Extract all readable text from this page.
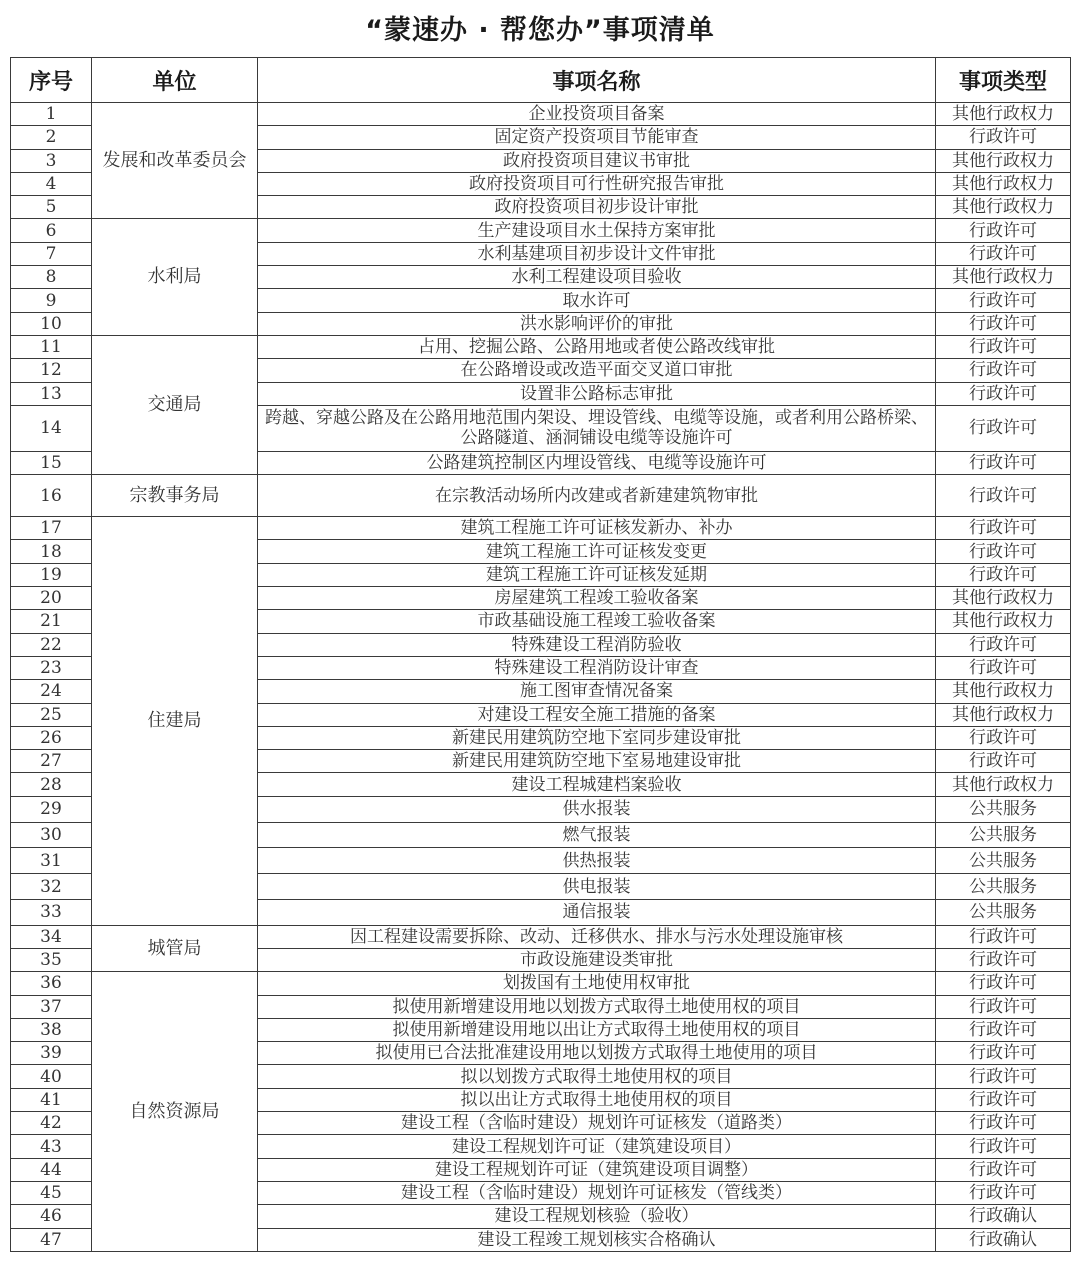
“蒙速办 · 帮您办”事项清单
序号	单位	事项名称	事项类型
1	发展和改革委员会	企业投资项目备案	其他行政权力
2		固定资产投资项目节能审查	行政许可
3		政府投资项目建议书审批	其他行政权力
4		政府投资项目可行性研究报告审批	其他行政权力
5		政府投资项目初步设计审批	其他行政权力
6	水利局	生产建设项目水土保持方案审批	行政许可
7		水利基建项目初步设计文件审批	行政许可
8		水利工程建设项目验收	其他行政权力
9		取水许可	行政许可
10		洪水影响评价的审批	行政许可
11	交通局	占用、挖掘公路、公路用地或者使公路改线审批	行政许可
12		在公路增设或改造平面交叉道口审批	行政许可
13		设置非公路标志审批	行政许可
14		跨越、穿越公路及在公路用地范围内架设、埋设管线、电缆等设施，或者利用公路桥梁、公路隧道、涵洞铺设电缆等设施许可	行政许可
15		公路建筑控制区内埋设管线、电缆等设施许可	行政许可
16	宗教事务局	在宗教活动场所内改建或者新建建筑物审批	行政许可
17	住建局	建筑工程施工许可证核发新办、补办	行政许可
18		建筑工程施工许可证核发变更	行政许可
19		建筑工程施工许可证核发延期	行政许可
20		房屋建筑工程竣工验收备案	其他行政权力
21		市政基础设施工程竣工验收备案	其他行政权力
22		特殊建设工程消防验收	行政许可
23		特殊建设工程消防设计审查	行政许可
24		施工图审查情况备案	其他行政权力
25		对建设工程安全施工措施的备案	其他行政权力
26		新建民用建筑防空地下室同步建设审批	行政许可
27		新建民用建筑防空地下室易地建设审批	行政许可
28		建设工程城建档案验收	其他行政权力
29		供水报装	公共服务
30		燃气报装	公共服务
31		供热报装	公共服务
32		供电报装	公共服务
33		通信报装	公共服务
34	城管局	因工程建设需要拆除、改动、迁移供水、排水与污水处理设施审核	行政许可
35		市政设施建设类审批	行政许可
36	自然资源局	划拨国有土地使用权审批	行政许可
37		拟使用新增建设用地以划拨方式取得土地使用权的项目	行政许可
38		拟使用新增建设用地以出让方式取得土地使用权的项目	行政许可
39		拟使用已合法批准建设用地以划拨方式取得土地使用的项目	行政许可
40		拟以划拨方式取得土地使用权的项目	行政许可
41		拟以出让方式取得土地使用权的项目	行政许可
42		建设工程（含临时建设）规划许可证核发（道路类）	行政许可
43		建设工程规划许可证（建筑建设项目）	行政许可
44		建设工程规划许可证（建筑建设项目调整）	行政许可
45		建设工程（含临时建设）规划许可证核发（管线类）	行政许可
46		建设工程规划核验（验收）	行政确认
47		建设工程竣工规划核实合格确认	行政确认
